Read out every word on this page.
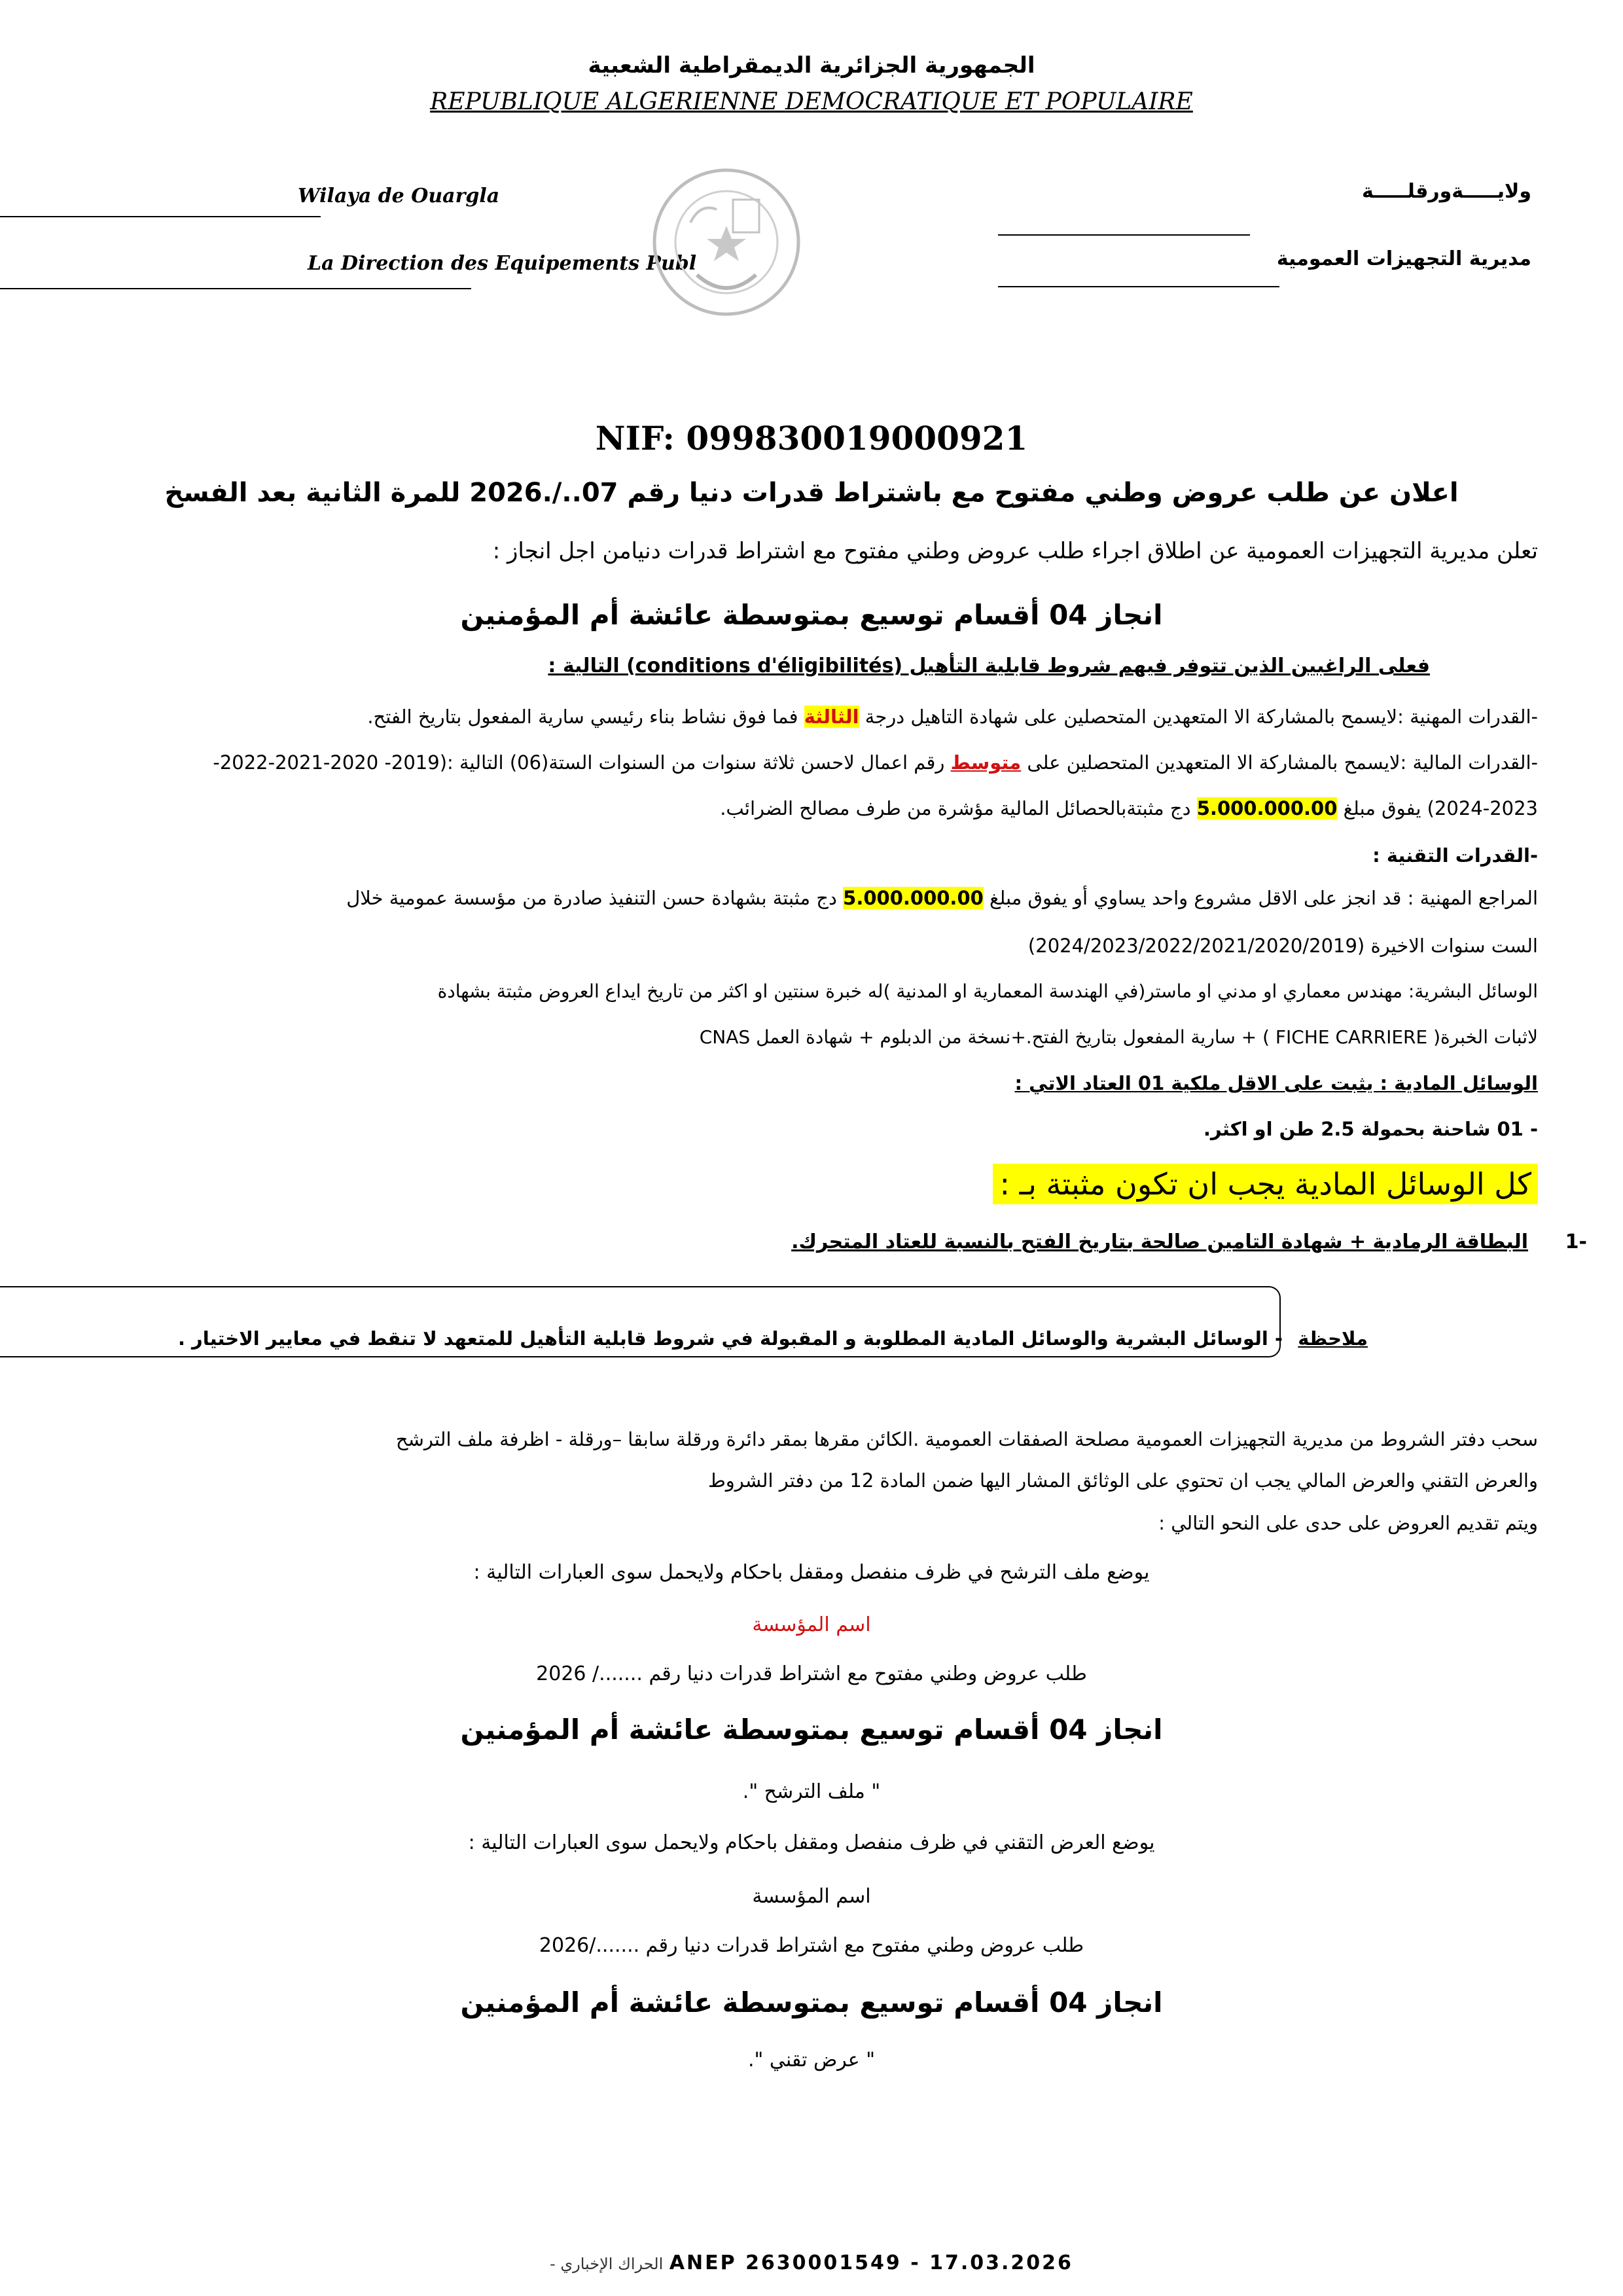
الجمهورية الجزائرية الديمقراطية الشعبية
REPUBLIQUE ALGERIENNE DEMOCRATIQUE ET POPULAIRE
Wilaya de Ouargla
La Direction des Equipements Publ
ولايـــــةورقلـــــة
مديرية التجهيزات العمومية
NIF: 099830019000921
اعلان عن طلب عروض وطني مفتوح مع باشتراط قدرات دنيا رقم 07../.2026 للمرة الثانية بعد الفسخ
تعلن مديرية التجهيزات العمومية عن اطلاق اجراء طلب عروض وطني مفتوح مع اشتراط قدرات دنيامن اجل انجاز :
انجاز 04 أقسام توسيع بمتوسطة عائشة أم المؤمنين
فعلى الراغبين الذين تتوفر فيهم شروط قابلية التأهيل (conditions d'éligibilités) التالية :
-القدرات المهنية :لايسمح بالمشاركة الا المتعهدين المتحصلين على شهادة التاهيل درجة الثالثة فما فوق نشاط بناء رئيسي سارية المفعول بتاريخ الفتح.
-القدرات المالية :لايسمح بالمشاركة الا المتعهدين المتحصلين على متوسط رقم اعمال لاحسن ثلاثة سنوات من السنوات الستة(06) التالية :(2019- 2020-2021-2022-
2024-2023) يفوق مبلغ 5.000.000.00 دج مثبتةبالحصائل المالية مؤشرة من طرف مصالح الضرائب.
-القدرات التقنية :
المراجع المهنية : قد انجز على الاقل مشروع واحد يساوي أو يفوق مبلغ 5.000.000.00 دج مثبتة بشهادة حسن التنفيذ صادرة من مؤسسة عمومية خلال
الست سنوات الاخيرة (2024/2023/2022/2021/2020/2019)
الوسائل البشرية: مهندس معماري او مدني او ماستر(في الهندسة المعمارية او المدنية )له خبرة سنتين او اكثر من تاريخ ايداع العروض مثبتة بشهادة
CNAS سارية المفعول بتاريخ الفتح.+نسخة من الدبلوم + شهادة العمل + ( FICHE CARRIERE )لاثبات الخبرة
الوسائل المادية : يثبت على الاقل ملكية 01 العتاد الاتي :
- 01 شاحنة بحمولة 2.5 طن او اكثر.
كل الوسائل المادية يجب ان تكون مثبتة بـ :
1-
البطاقة الرمادية + شهادة التامين صالحة بتاريخ الفتح بالنسبة للعتاد المتحرك.
ملاحظة
- الوسائل البشرية والوسائل المادية المطلوبة و المقبولة في شروط قابلية التأهيل للمتعهد لا تنقط في معايير الاختيار .
سحب دفتر الشروط من مديرية التجهيزات العمومية مصلحة الصفقات العمومية .الكائن مقرها بمقر دائرة ورقلة سابقا –ورقلة - اظرفة ملف الترشح
والعرض التقني والعرض المالي يجب ان تحتوي على الوثائق المشار اليها ضمن المادة 12 من دفتر الشروط
ويتم تقديم العروض على حدى على النحو التالي :
يوضع ملف الترشح في ظرف منفصل ومقفل باحكام ولايحمل سوى العبارات التالية :
اسم المؤسسة
طلب عروض وطني مفتوح مع اشتراط قدرات دنيا رقم ......./ 2026
انجاز 04 أقسام توسيع بمتوسطة عائشة أم المؤمنين
" ملف الترشح ".
يوضع العرض التقني في ظرف منفصل ومقفل باحكام ولايحمل سوى العبارات التالية :
اسم المؤسسة
طلب عروض وطني مفتوح مع اشتراط قدرات دنيا رقم ......./2026
انجاز 04 أقسام توسيع بمتوسطة عائشة أم المؤمنين
" عرض تقني ".
الحراك الإخباري - ANEP 2630001549 - 17.03.2026
